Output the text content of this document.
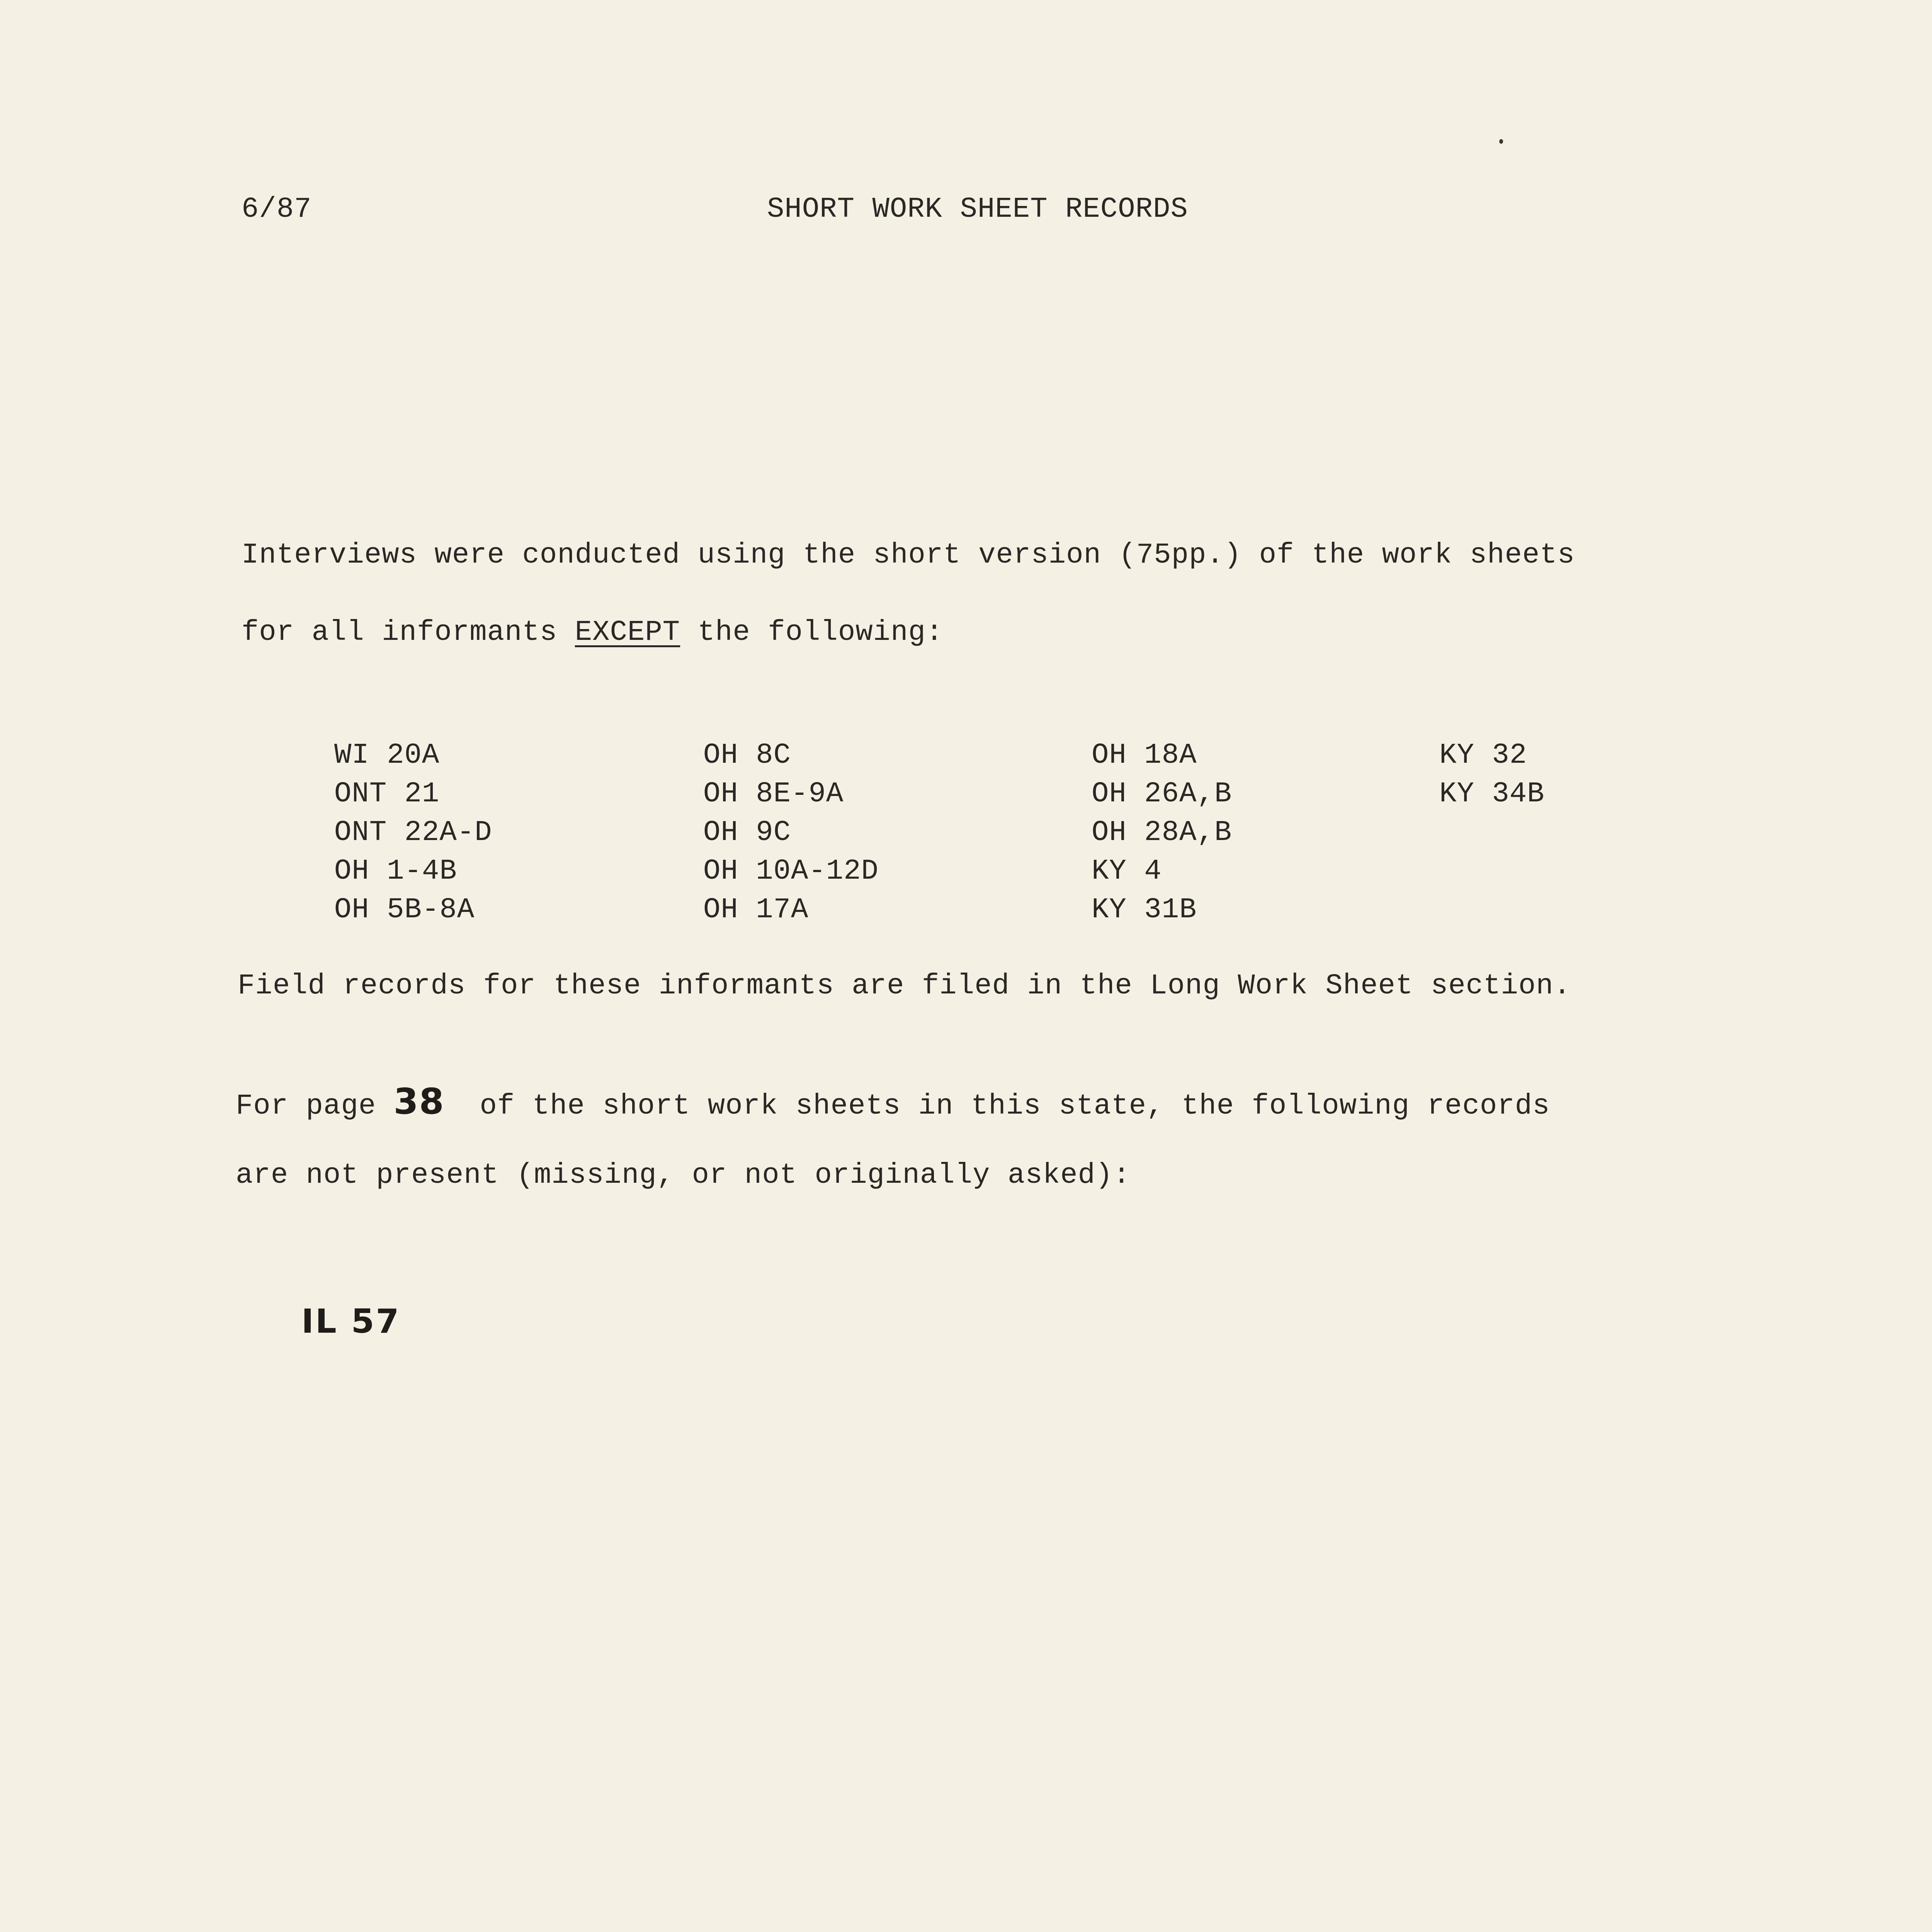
6/87	SHORT WORK SHEET RECORDS
Interviews were conducted using the short version (75pp.) of the work sheets
for all informants EXCEPT the following:
WI 20A
ONT 21
ONT 22A-D
OH 1-4B
OH 5B-8A
OH 8C
OH 8E-9A
OH 9C
OH 10A-12D
OH 17A
OH 18A
OH 26A,B
OH 28A,B
KY 4
KY 31B
KY 32
KY 34B
Field records for these informants are filed in the Long Work Sheet section.
For page 38  of the short work sheets in this state, the following records
are not present (missing, or not originally asked):
IL 57
